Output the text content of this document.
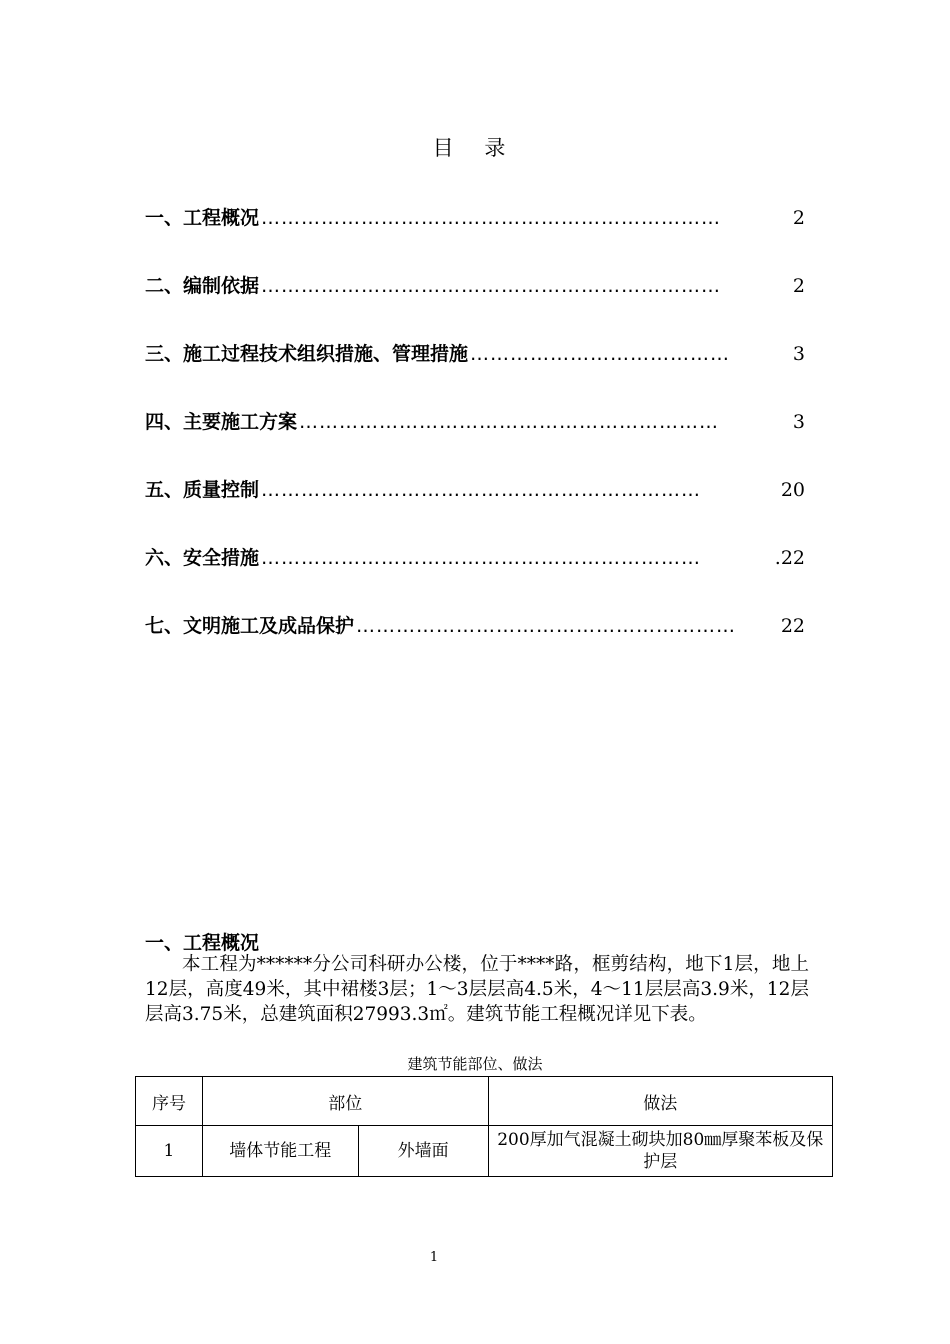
目 录
一、工程概况 ……………………………………………………………	2
二、编制依据 ……………………………………………………………	2
三、施工过程技术组织措施、管理措施 …………………………………	3
四、主要施工方案 ………………………………………………………	3
五、质量控制 …………………………………………………………	20
六、安全措施 …………………………………………………………	.22
七、文明施工及成品保护 …………………………………………………	22
一、工程概况
本工程为******分公司科研办公楼，位于****路，框剪结构，地下1层，地上12层，高度49米，其中裙楼3层；1～3层层高4.5米，4～11层层高3.9米，12层层高3.75米，总建筑面积27993.3㎡。建筑节能工程概况详见下表。
建筑节能部位、做法
序号	部位		做法
1	墙体节能工程	外墙面	200厚加气混凝土砌块加80㎜厚聚苯板及保护层
1
